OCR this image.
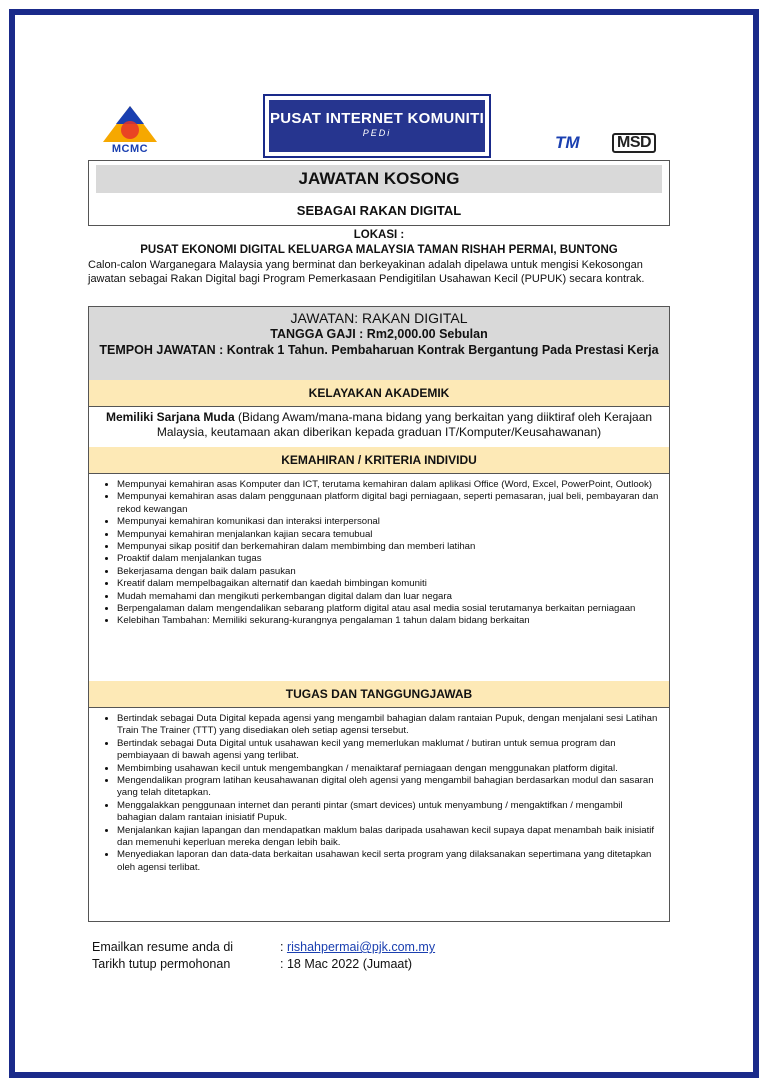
MCMC
PUSAT INTERNET KOMUNITI
PEDi	TM	MSD
JAWATAN KOSONG
SEBAGAI RAKAN DIGITAL
LOKASI :
PUSAT EKONOMI DIGITAL KELUARGA MALAYSIA TAMAN RISHAH PERMAI, BUNTONG
Calon-calon Warganegara Malaysia yang berminat dan berkeyakinan adalah dipelawa untuk mengisi Kekosongan jawatan sebagai Rakan Digital bagi Program Pemerkasaan Pendigitilan Usahawan Kecil (PUPUK) secara kontrak.
JAWATAN: RAKAN DIGITAL
TANGGA GAJI : Rm2,000.00 Sebulan
TEMPOH JAWATAN : Kontrak 1 Tahun. Pembaharuan Kontrak Bergantung Pada Prestasi Kerja
KELAYAKAN AKADEMIK
Memiliki Sarjana Muda (Bidang Awam/mana-mana bidang yang berkaitan yang diiktiraf oleh Kerajaan Malaysia, keutamaan akan diberikan kepada graduan IT/Komputer/Keusahawanan)
KEMAHIRAN / KRITERIA INDIVIDU
• Mempunyai kemahiran asas Komputer dan ICT, terutama kemahiran dalam aplikasi Office (Word, Excel, PowerPoint, Outlook)
• Mempunyai kemahiran asas dalam penggunaan platform digital bagi perniagaan, seperti pemasaran, jual beli, pembayaran dan rekod kewangan
• Mempunyai kemahiran komunikasi dan interaksi interpersonal
• Mempunyai kemahiran menjalankan kajian secara temubual
• Mempunyai sikap positif dan berkemahiran dalam membimbing dan memberi latihan
• Proaktif dalam menjalankan tugas
• Bekerjasama dengan baik dalam pasukan
• Kreatif dalam mempelbagaikan alternatif dan kaedah bimbingan komuniti
• Mudah memahami dan mengikuti perkembangan digital dalam dan luar negara
• Berpengalaman dalam mengendalikan sebarang platform digital atau asal media sosial terutamanya berkaitan perniagaan
• Kelebihan Tambahan: Memiliki sekurang-kurangnya pengalaman 1 tahun dalam bidang berkaitan
TUGAS DAN TANGGUNGJAWAB
• Bertindak sebagai Duta Digital kepada agensi yang mengambil bahagian dalam rantaian Pupuk, dengan menjalani sesi Latihan Train The Trainer (TTT) yang disediakan oleh setiap agensi tersebut.
• Bertindak sebagai Duta Digital untuk usahawan kecil yang memerlukan maklumat / butiran untuk semua program dan pembiayaan di bawah agensi yang terlibat.
• Membimbing usahawan kecil untuk mengembangkan / menaiktaraf perniagaan dengan menggunakan platform digital.
• Mengendalikan program latihan keusahawanan digital oleh agensi yang mengambil bahagian berdasarkan modul dan sasaran yang telah ditetapkan.
• Menggalakkan penggunaan internet dan peranti pintar (smart devices) untuk menyambung / mengaktifkan / mengambil bahagian dalam rantaian inisiatif Pupuk.
• Menjalankan kajian lapangan dan mendapatkan maklum balas daripada usahawan kecil supaya dapat menambah baik inisiatif dan memenuhi keperluan mereka dengan lebih baik.
• Menyediakan laporan dan data-data berkaitan usahawan kecil serta program yang dilaksanakan sepertimana yang ditetapkan oleh agensi terlibat.
Emailkan resume anda di	: rishahpermai@pjk.com.my
Tarikh tutup permohonan	: 18 Mac 2022 (Jumaat)
